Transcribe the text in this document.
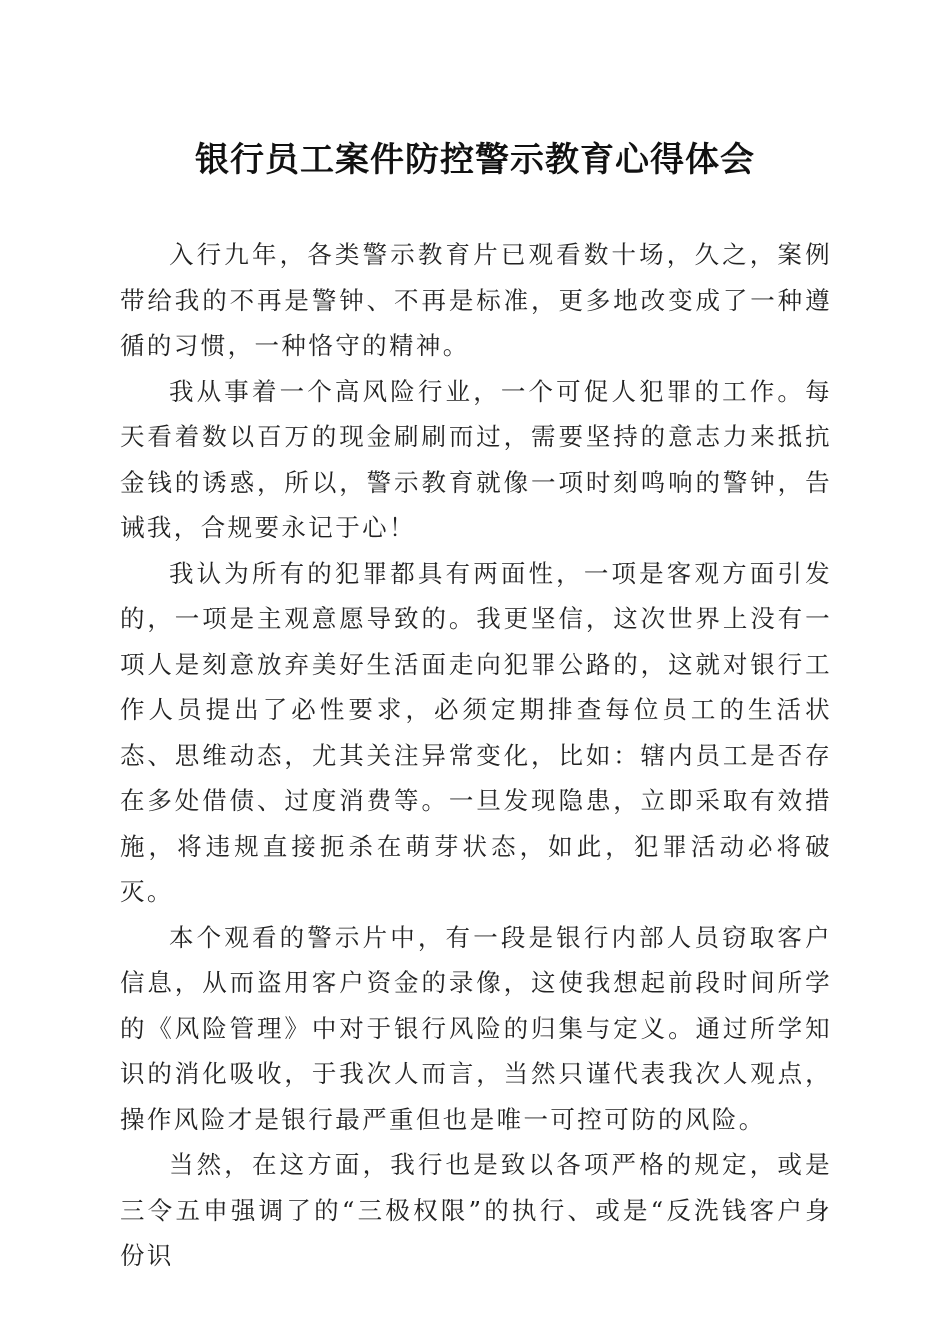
银行员工案件防控警示教育心得体会

入行九年，各类警示教育片已观看数十场，久之，案例带给我的不再是警钟、不再是标准，更多地改变成了一种遵循的习惯，一种恪守的精神。

我从事着一个高风险行业，一个可促人犯罪的工作。每天看着数以百万的现金刷刷而过，需要坚持的意志力来抵抗金钱的诱惑，所以，警示教育就像一项时刻鸣响的警钟，告诫我，合规要永记于心！

我认为所有的犯罪都具有两面性，一项是客观方面引发的，一项是主观意愿导致的。我更坚信，这次世界上没有一项人是刻意放弃美好生活面走向犯罪公路的，这就对银行工作人员提出了必性要求，必须定期排查每位员工的生活状态、思维动态，尤其关注异常变化，比如：辖内员工是否存在多处借债、过度消费等。一旦发现隐患，立即采取有效措施，将违规直接扼杀在萌芽状态，如此，犯罪活动必将破灭。

本个观看的警示片中，有一段是银行内部人员窃取客户信息，从而盗用客户资金的录像，这使我想起前段时间所学的《风险管理》中对于银行风险的归集与定义。通过所学知识的消化吸收，于我次人而言，当然只谨代表我次人观点，操作风险才是银行最严重但也是唯一可控可防的风险。

当然，在这方面，我行也是致以各项严格的规定，或是三令五申强调了的“三极权限”的执行、或是“反洗钱客户身份识
